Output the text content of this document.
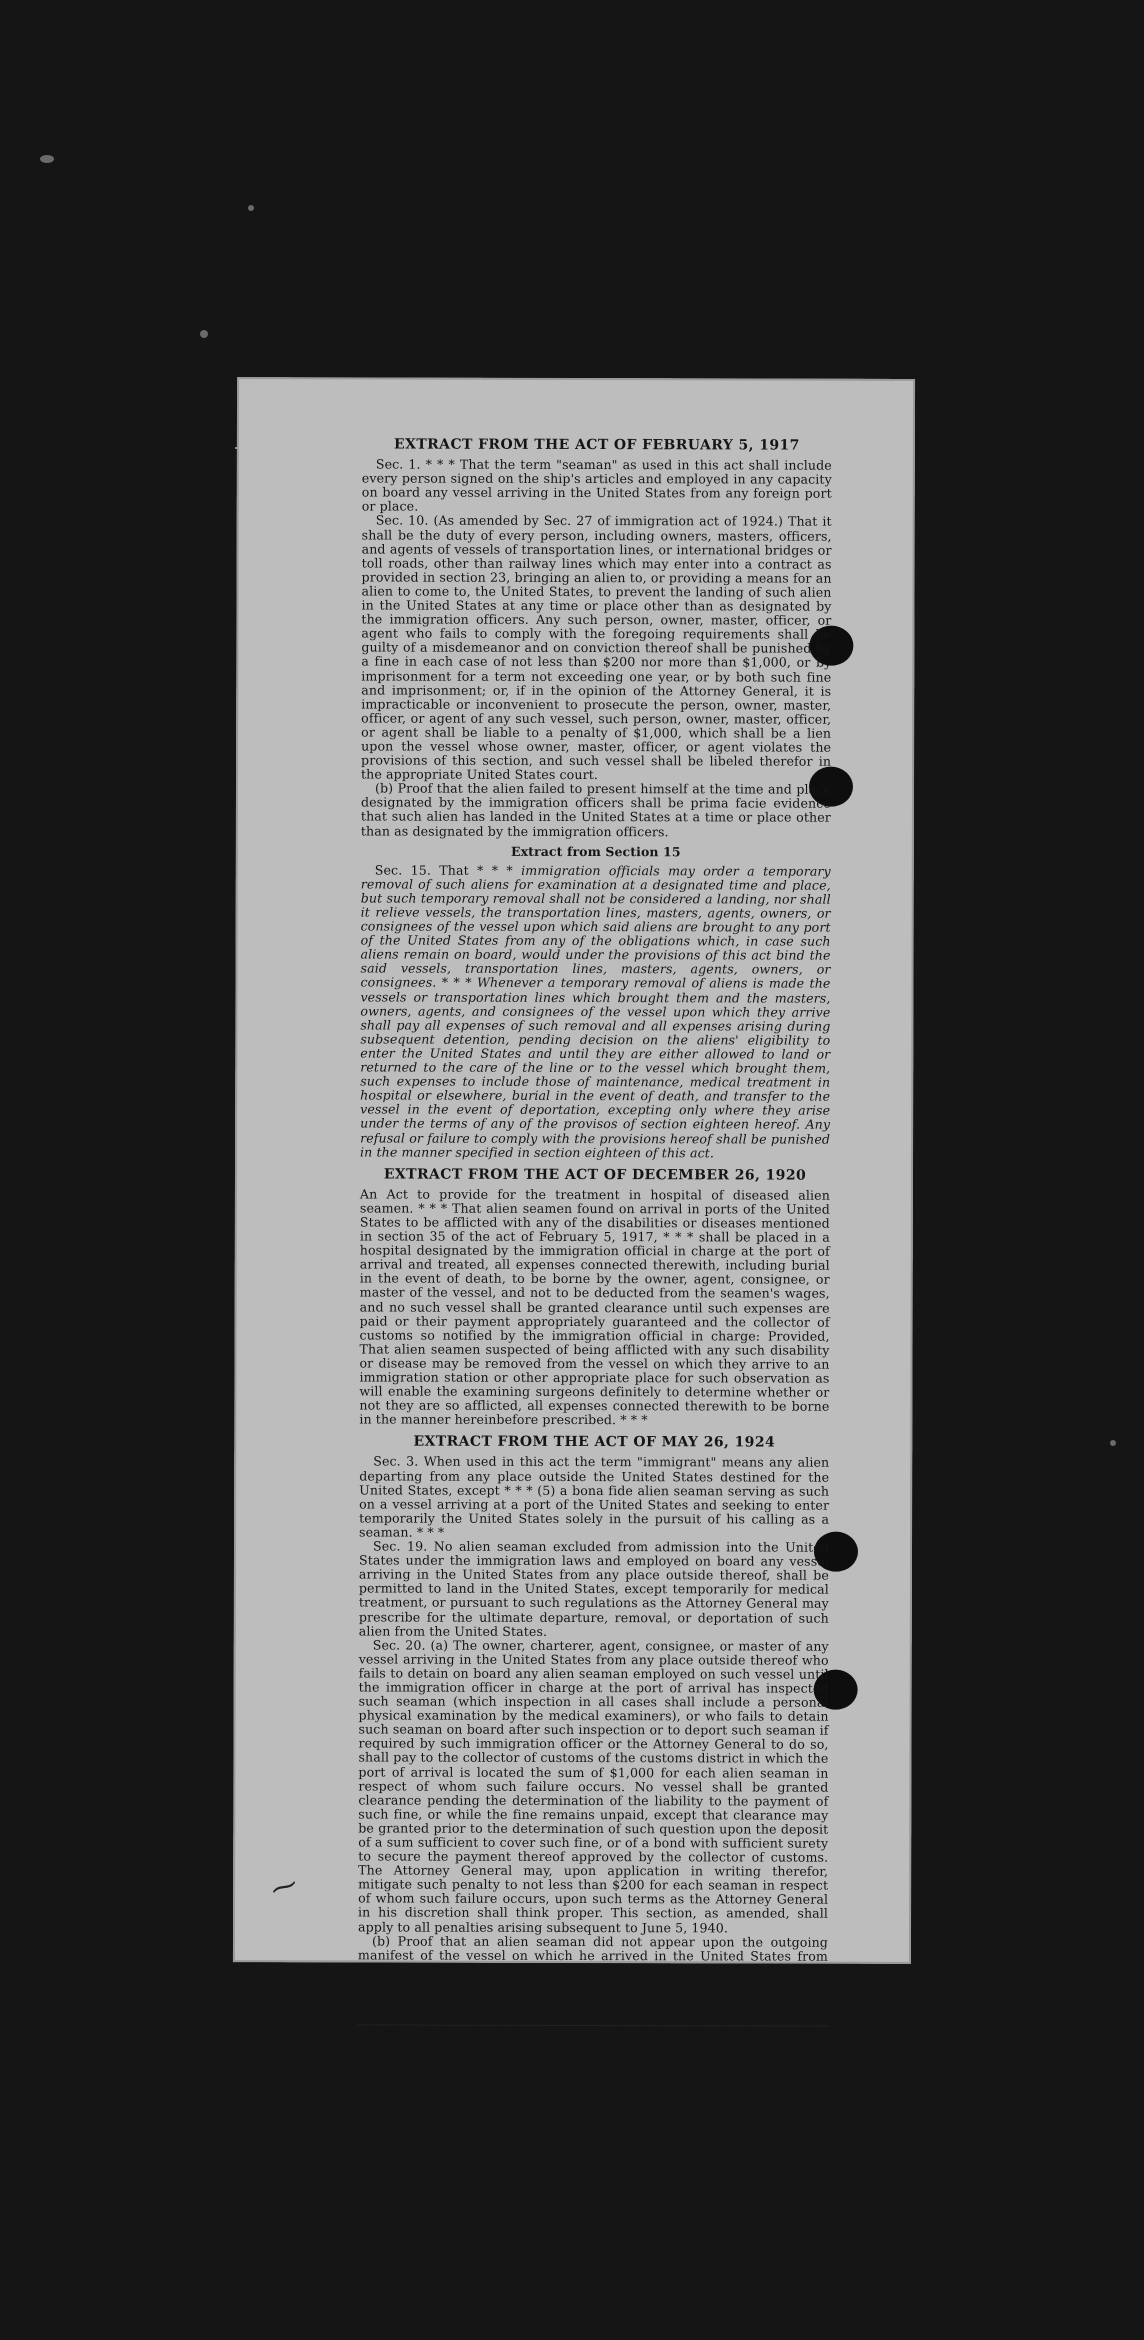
EXTRACT FROM THE ACT OF FEBRUARY 5, 1917

Sec. 1. * * * That the term "seaman" as used in this act shall include every person signed on the ship's articles and employed in any capacity on board any vessel arriving in the United States from any foreign port or place.

Sec. 10. (As amended by Sec. 27 of immigration act of 1924.) That it shall be the duty of every person, including owners, masters, officers, and agents of vessels of transportation lines, or international bridges or toll roads, other than railway lines which may enter into a contract as provided in section 23, bringing an alien to, or providing a means for an alien to come to, the United States, to prevent the landing of such alien in the United States at any time or place other than as designated by the immigration officers. Any such person, owner, master, officer, or agent who fails to comply with the foregoing requirements shall be guilty of a misdemeanor and on conviction thereof shall be punished by a fine in each case of not less than $200 nor more than $1,000, or by imprisonment for a term not exceeding one year, or by both such fine and imprisonment; or, if in the opinion of the Attorney General, it is impracticable or inconvenient to prosecute the person, owner, master, officer, or agent of any such vessel, such person, owner, master, officer, or agent shall be liable to a penalty of $1,000, which shall be a lien upon the vessel whose owner, master, officer, or agent violates the provisions of this section, and such vessel shall be libeled therefor in the appropriate United States court.

(b) Proof that the alien failed to present himself at the time and place designated by the immigration officers shall be prima facie evidence that such alien has landed in the United States at a time or place other than as designated by the immigration officers.

Extract from Section 15

Sec. 15. That * * * immigration officials may order a temporary removal of such aliens for examination at a designated time and place, but such temporary removal shall not be considered a landing, nor shall it relieve vessels, the transportation lines, masters, agents, owners, or consignees of the vessel upon which said aliens are brought to any port of the United States from any of the obligations which, in case such aliens remain on board, would under the provisions of this act bind the said vessels, transportation lines, masters, agents, owners, or consignees. * * * Whenever a temporary removal of aliens is made the vessels or transportation lines which brought them and the masters, owners, agents, and consignees of the vessel upon which they arrive shall pay all expenses of such removal and all expenses arising during subsequent detention, pending decision on the aliens' eligibility to enter the United States and until they are either allowed to land or returned to the care of the line or to the vessel which brought them, such expenses to include those of maintenance, medical treatment in hospital or elsewhere, burial in the event of death, and transfer to the vessel in the event of deportation, excepting only where they arise under the terms of any of the provisos of section eighteen hereof. Any refusal or failure to comply with the provisions hereof shall be punished in the manner specified in section eighteen of this act.

EXTRACT FROM THE ACT OF DECEMBER 26, 1920

An Act to provide for the treatment in hospital of diseased alien seamen. * * * That alien seamen found on arrival in ports of the United States to be afflicted with any of the disabilities or diseases mentioned in section 35 of the act of February 5, 1917, * * * shall be placed in a hospital designated by the immigration official in charge at the port of arrival and treated, all expenses connected therewith, including burial in the event of death, to be borne by the owner, agent, consignee, or master of the vessel, and not to be deducted from the seamen's wages, and no such vessel shall be granted clearance until such expenses are paid or their payment appropriately guaranteed and the collector of customs so notified by the immigration official in charge: Provided, That alien seamen suspected of being afflicted with any such disability or disease may be removed from the vessel on which they arrive to an immigration station or other appropriate place for such observation as will enable the examining surgeons definitely to determine whether or not they are so afflicted, all expenses connected therewith to be borne in the manner hereinbefore prescribed. * * *

EXTRACT FROM THE ACT OF MAY 26, 1924

Sec. 3. When used in this act the term "immigrant" means any alien departing from any place outside the United States destined for the United States, except * * * (5) a bona fide alien seaman serving as such on a vessel arriving at a port of the United States and seeking to enter temporarily the United States solely in the pursuit of his calling as a seaman. * * *

Sec. 19. No alien seaman excluded from admission into the United States under the immigration laws and employed on board any vessel arriving in the United States from any place outside thereof, shall be permitted to land in the United States, except temporarily for medical treatment, or pursuant to such regulations as the Attorney General may prescribe for the ultimate departure, removal, or deportation of such alien from the United States.

Sec. 20. (a) The owner, charterer, agent, consignee, or master of any vessel arriving in the United States from any place outside thereof who fails to detain on board any alien seaman employed on such vessel until the immigration officer in charge at the port of arrival has inspected such seaman (which inspection in all cases shall include a personal physical examination by the medical examiners), or who fails to detain such seaman on board after such inspection or to deport such seaman if required by such immigration officer or the Attorney General to do so, shall pay to the collector of customs of the customs district in which the port of arrival is located the sum of $1,000 for each alien seaman in respect of whom such failure occurs. No vessel shall be granted clearance pending the determination of the liability to the payment of such fine, or while the fine remains unpaid, except that clearance may be granted prior to the determination of such question upon the deposit of a sum sufficient to cover such fine, or of a bond with sufficient surety to secure the payment thereof approved by the collector of customs. The Attorney General may, upon application in writing therefor, mitigate such penalty to not less than $200 for each seaman in respect of whom such failure occurs, upon such terms as the Attorney General in his discretion shall think proper. This section, as amended, shall apply to all penalties arising subsequent to June 5, 1940.

(b) Proof that an alien seaman did not appear upon the outgoing manifest of the vessel on which he arrived in the United States from any place outside thereof, or that he was reported by the master of such vessel as a deserter, shall be prima facie evidence of a failure to detain or deport after requirement by the immigration officer or the Attorney General.

† When delivery to the immigration station is directed, the aliens must be detained on board of the ship on which they arrived pending delivery to the immigration station. Such transfer must be made by the most direct and expeditious route with the least possible contact with the public, and at the expense and responsibility of the steamship company. Aliens who have been held for further medical examination in the belief that they are suffering from communicable disease must be completely isolated from other passengers and from the public.

16—18927-1
⁓
